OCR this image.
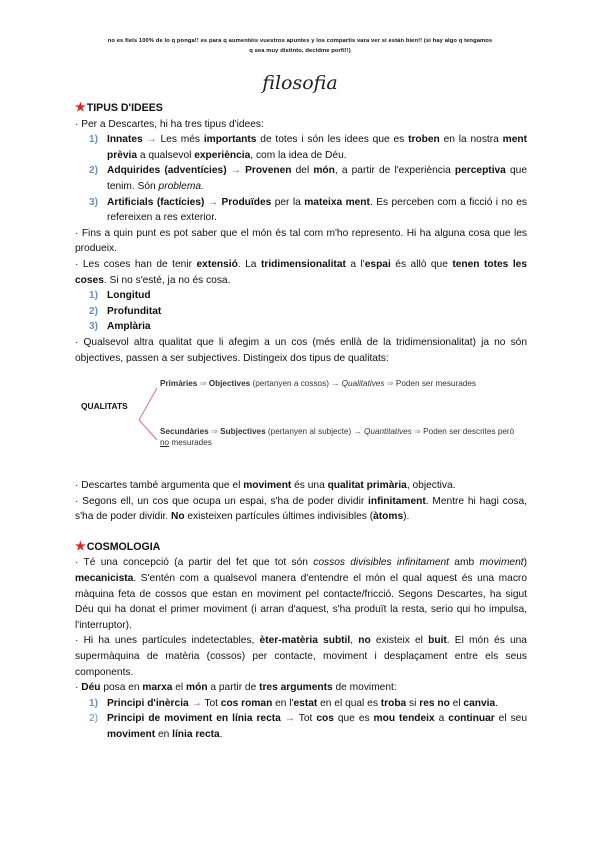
no es fiels 100% de lo q ponga!! es para q aumentéis vuestros apuntes y los compartis vara ver si están bien!! (si hay algo q tengamos
q sea muy distinto, decidme porfi!!)
filosofia
★TIPUS D'IDEES
· Per a Descartes, hi ha tres tipus d'idees:
1) Innates → Les més importants de totes i són les idees que es troben en la nostra ment prèvia a qualsevol experiència, com la idea de Déu.
2) Adquirides (adventícies) → Provenen del món, a partir de l'experiència perceptiva que tenim. Són problema.
3) Artificials (factícies) → Produïdes per la mateixa ment. Es perceben com a ficció i no es refereixen a res exterior.
· Fins a quin punt es pot saber que el món és tal com m'ho represento. Hi ha alguna cosa que les produeix.
· Les coses han de tenir extensió. La tridimensionalitat a l'espai és allò que tenen totes les coses. Si no s'esté, ja no és cosa.
1) Longitud
2) Profunditat
3) Amplària
· Qualsevol altra qualitat que li afegim a un cos (més enllà de la tridimensionalitat) ja no són objectives, passen a ser subjectives. Distingeix dos tipus de qualitats:
QUALITATS
Primàries ⇒ Objectives (pertanyen a cossos) → Qualitatives ⇒ Poden ser mesurades
Secundàries ⇒ Subjectives (pertanyen al subjecte) → Quantitatives ⇒ Poden ser descrites però no mesurades
· Descartes també argumenta que el moviment és una qualitat primària, objectiva.
· Segons ell, un cos que ocupa un espai, s'ha de poder dividir infinitament. Mentre hi hagi cosa, s'ha de poder dividir. No existeixen partícules últimes indivisibles (àtoms).
★COSMOLOGIA
· Té una concepció (a partir del fet que tot són cossos divisibles infinitament amb moviment) mecanicista. S'entén com a qualsevol manera d'entendre el món el qual aquest és una macro màquina feta de cossos que estan en moviment pel contacte/fricció. Segons Descartes, ha sigut Déu qui ha donat el primer moviment (i arran d'aquest, s'ha produït la resta, serio qui ho impulsa, l'interruptor).
· Hi ha unes partícules indetectables, èter-matèria subtil, no existeix el buit. El món és una supermàquina de matèria (cossos) per contacte, moviment i desplaçament entre els seus components.
· Déu posa en marxa el món a partir de tres arguments de moviment:
1) Principi d'inèrcia → Tot cos roman en l'estat en el qual es troba si res no el canvia.
2) Principi de moviment en línia recta → Tot cos que es mou tendeix a continuar el seu moviment en línia recta.
